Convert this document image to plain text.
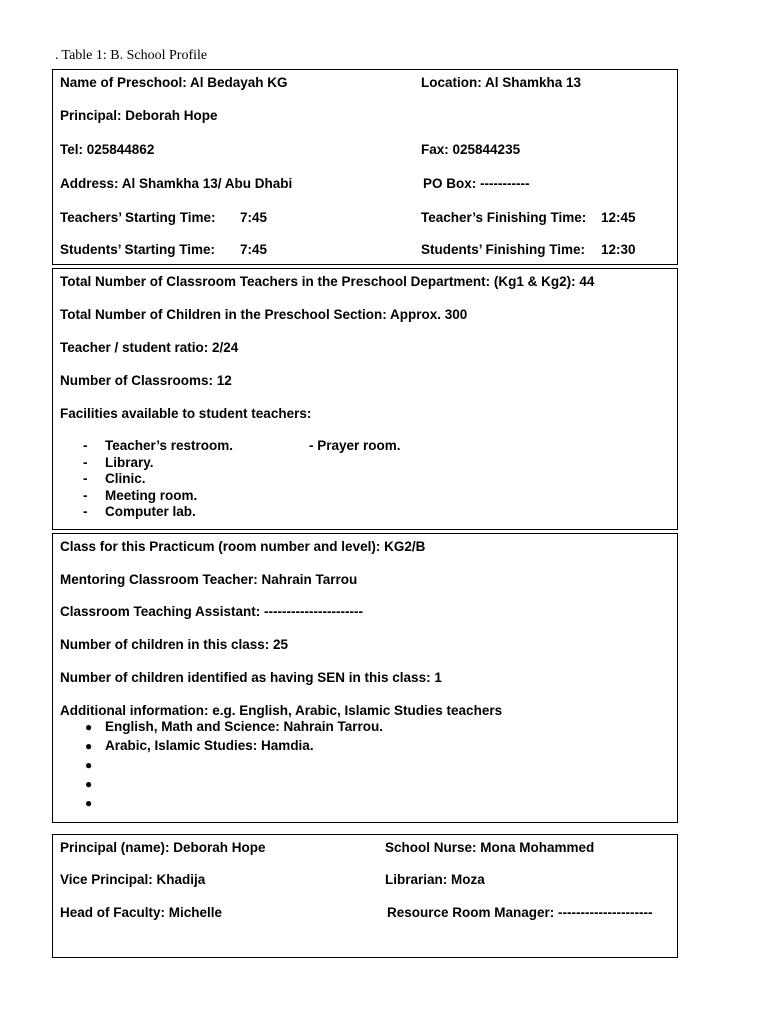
. Table 1: B. School Profile
Name of Preschool: Al Bedayah KG	Location: Al Shamkha 13
Principal: Deborah Hope
Tel: 025844862	Fax: 025844235
Address: Al Shamkha 13/ Abu Dhabi	PO Box: -----------
Teachers’ Starting Time: 7:45	Teacher’s Finishing Time: 12:45
Students’ Starting Time: 7:45	Students’ Finishing Time: 12:30
Total Number of Classroom Teachers in the Preschool Department: (Kg1 & Kg2): 44
Total Number of Children in the Preschool Section: Approx. 300
Teacher / student ratio: 2/24
Number of Classrooms: 12
Facilities available to student teachers:
- Teacher’s restroom.	- Prayer room.
- Library.
- Clinic.
- Meeting room.
- Computer lab.
Class for this Practicum (room number and level): KG2/B
Mentoring Classroom Teacher: Nahrain Tarrou
Classroom Teaching Assistant: ----------------------
Number of children in this class: 25
Number of children identified as having SEN in this class: 1
Additional information: e.g. English, Arabic, Islamic Studies teachers
● English, Math and Science: Nahrain Tarrou.
● Arabic, Islamic Studies: Hamdia.
●
●
●
Principal (name): Deborah Hope	School Nurse: Mona Mohammed
Vice Principal: Khadija	Librarian: Moza
Head of Faculty: Michelle	Resource Room Manager: ---------------------
